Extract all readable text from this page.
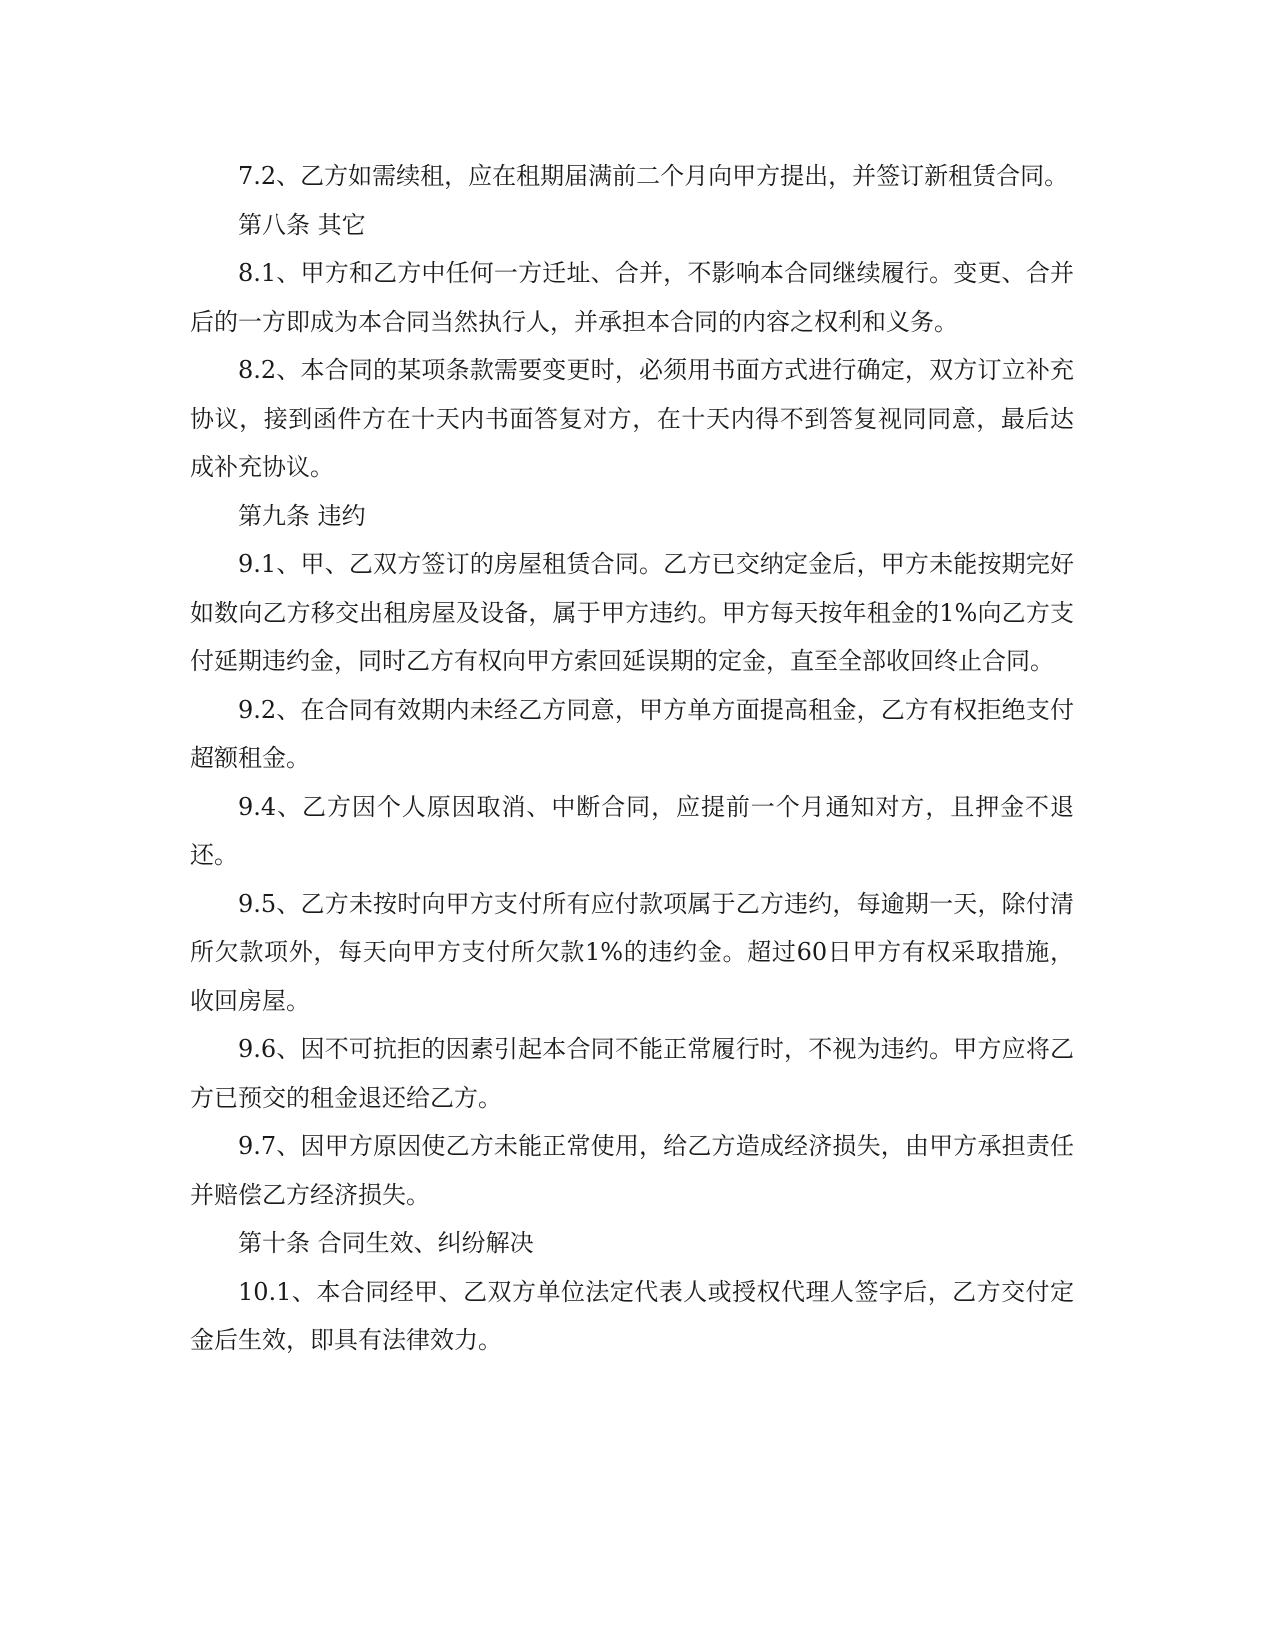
7.2、乙方如需续租，应在租期届满前二个月向甲方提出，并签订新租赁合同。

第八条 其它

8.1、甲方和乙方中任何一方迁址、合并，不影响本合同继续履行。变更、合并后的一方即成为本合同当然执行人，并承担本合同的内容之权利和义务。

8.2、本合同的某项条款需要变更时，必须用书面方式进行确定，双方订立补充协议，接到函件方在十天内书面答复对方，在十天内得不到答复视同同意，最后达成补充协议。

第九条 违约

9.1、甲、乙双方签订的房屋租赁合同。乙方已交纳定金后，甲方未能按期完好如数向乙方移交出租房屋及设备，属于甲方违约。甲方每天按年租金的1%向乙方支付延期违约金，同时乙方有权向甲方索回延误期的定金，直至全部收回终止合同。

9.2、在合同有效期内未经乙方同意，甲方单方面提高租金，乙方有权拒绝支付超额租金。

9.4、乙方因个人原因取消、中断合同，应提前一个月通知对方，且押金不退还。

9.5、乙方未按时向甲方支付所有应付款项属于乙方违约，每逾期一天，除付清所欠款项外，每天向甲方支付所欠款1%的违约金。超过60日甲方有权采取措施，收回房屋。

9.6、因不可抗拒的因素引起本合同不能正常履行时，不视为违约。甲方应将乙方已预交的租金退还给乙方。

9.7、因甲方原因使乙方未能正常使用，给乙方造成经济损失，由甲方承担责任并赔偿乙方经济损失。

第十条 合同生效、纠纷解决

10.1、本合同经甲、乙双方单位法定代表人或授权代理人签字后，乙方交付定金后生效，即具有法律效力。
